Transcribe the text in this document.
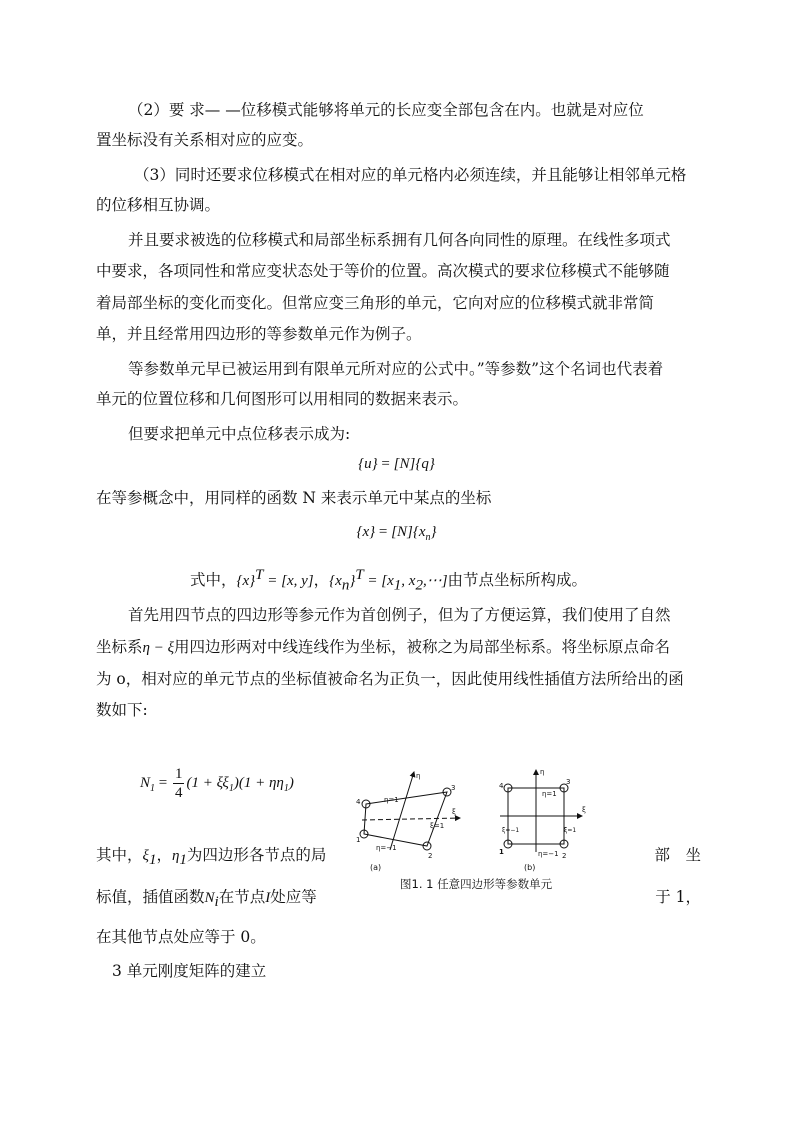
（2）要 求— —位移模式能够将单元的长应变全部包含在内。也就是对应位
置坐标没有关系相对应的应变。
（3）同时还要求位移模式在相对应的单元格内必须连续，并且能够让相邻单元格
的位移相互协调。
并且要求被选的位移模式和局部坐标系拥有几何各向同性的原理。在线性多项式
中要求，各项同性和常应变状态处于等价的位置。高次模式的要求位移模式不能够随
着局部坐标的变化而变化。但常应变三角形的单元，它向对应的位移模式就非常简
单，并且经常用四边形的等参数单元作为例子。
等参数单元早已被运用到有限单元所对应的公式中。”等参数”这个名词也代表着
单元的位置位移和几何图形可以用相同的数据来表示。
但要求把单元中点位移表示成为:
{u} = [N]{q}
在等参概念中，用同样的函数 N 来表示单元中某点的坐标
$\{x\} = [N]\{x_n\}$
式中，$\{x\}^T = [x$, y]，$\{x_n\}^T = [x_1$, $x_2,\cdots$]由节点坐标所构成。
首先用四节点的四边形等参元作为首创例子，但为了方便运算，我们使用了自然
坐标系η − ξ用四边形两对中线连线作为坐标，被称之为局部坐标系。将坐标原点命名
为 o，相对应的单元节点的坐标值被命名为正负一，因此使用线性插值方法所给出的函
数如下:
$N_1 = \frac{1}{4} (1 + \xi\xi_1)(1 + \eta\eta_1)$
其中，$\xi_1$，$\eta_1$为四边形各节点的局	部　坐
标值，插值函数$N_i$在节点I处应等	于 1，
在其他节点处应等于 0。
3 单元刚度矩阵的建立
η
ξ
η=1
η=−1
ξ=1
4
1
2
3
(a)
η
ξ
η=1
η=−1
ξ=−1	ξ=1
4
1	2
3
(b)
图1. 1 任意四边形等参数单元
